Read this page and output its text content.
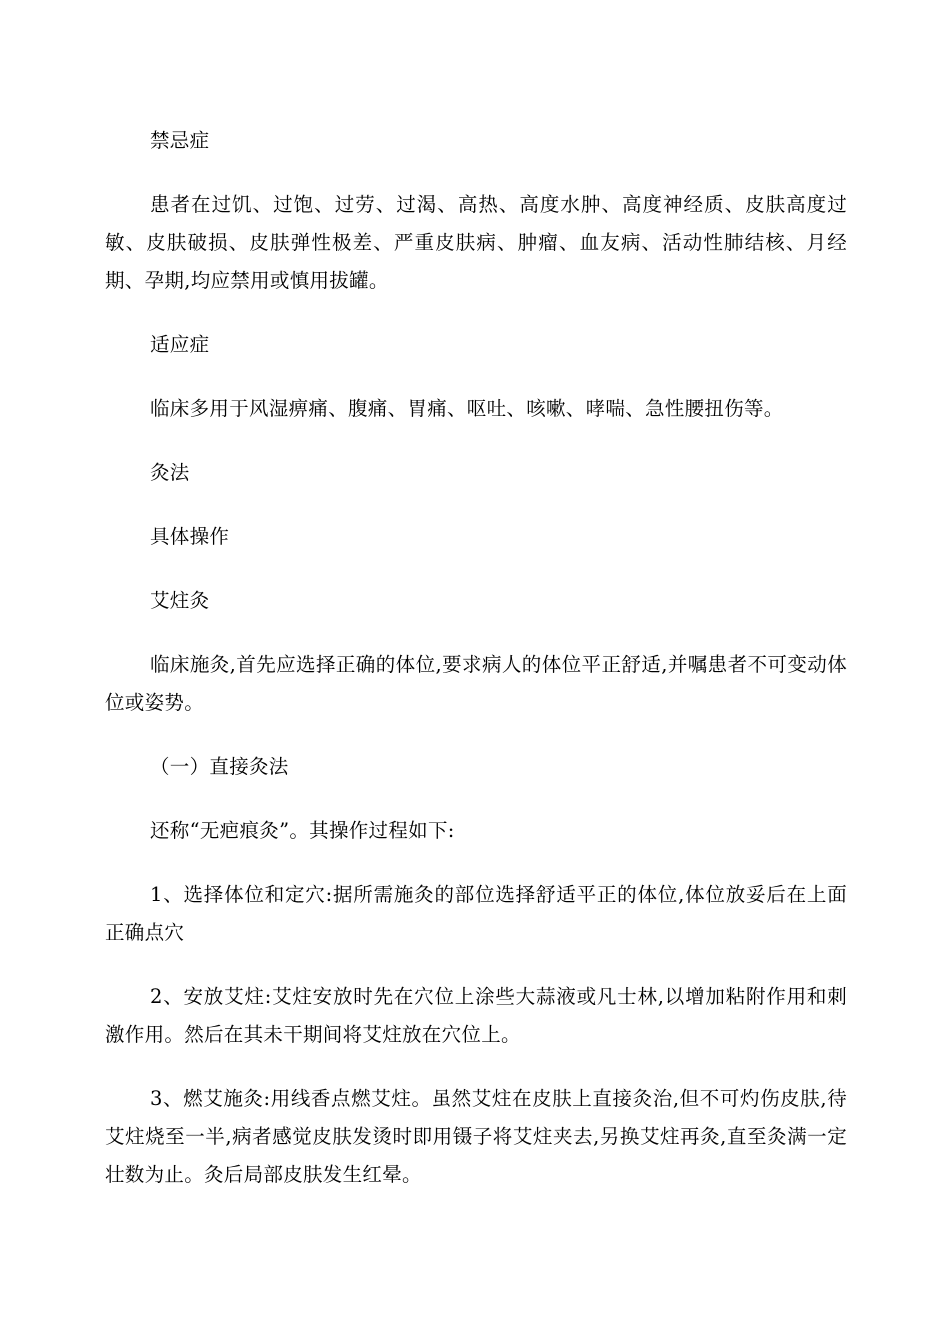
禁忌症

患者在过饥、过饱、过劳、过渴、高热、高度水肿、高度神经质、皮肤高度过敏、皮肤破损、皮肤弹性极差、严重皮肤病、肿瘤、血友病、活动性肺结核、月经期、孕期,均应禁用或慎用拔罐。

适应症

临床多用于风湿痹痛、腹痛、胃痛、呕吐、咳嗽、哮喘、急性腰扭伤等。

灸法

具体操作

艾炷灸

临床施灸,首先应选择正确的体位,要求病人的体位平正舒适,并嘱患者不可变动体位或姿势。

（一）直接灸法

还称“无疤痕灸”。其操作过程如下:

1、选择体位和定穴:据所需施灸的部位选择舒适平正的体位,体位放妥后在上面正确点穴

2、安放艾炷:艾炷安放时先在穴位上涂些大蒜液或凡士林,以增加粘附作用和刺激作用。然后在其未干期间将艾炷放在穴位上。

3、燃艾施灸:用线香点燃艾炷。虽然艾炷在皮肤上直接灸治,但不可灼伤皮肤,待艾炷烧至一半,病者感觉皮肤发烫时即用镊子将艾炷夹去,另换艾炷再灸,直至灸满一定壮数为止。灸后局部皮肤发生红晕。
